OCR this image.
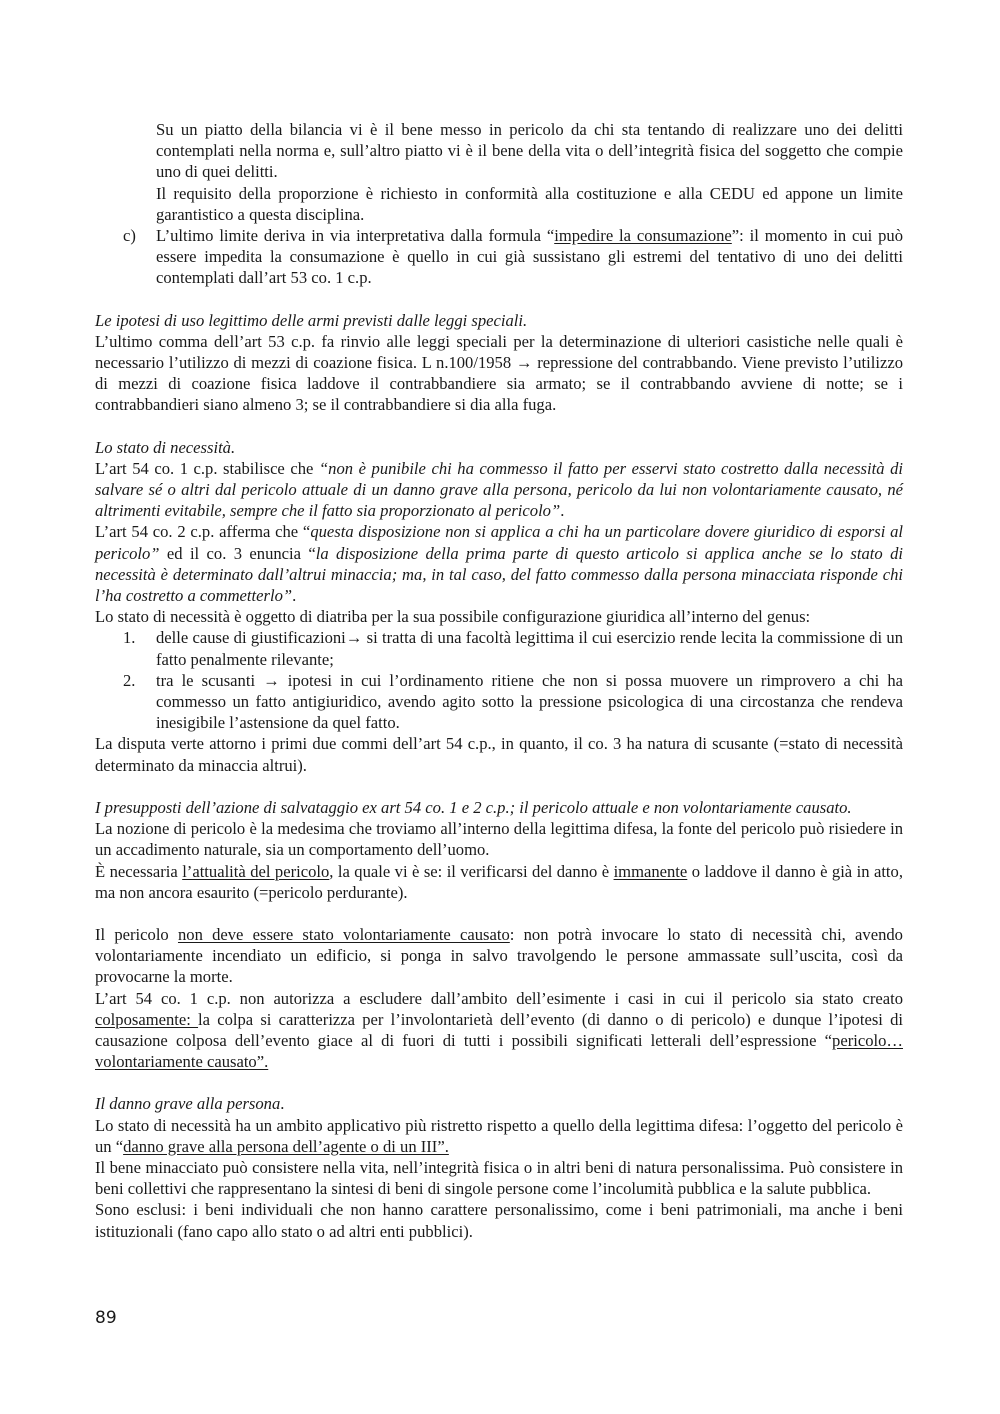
Su un piatto della bilancia vi è il bene messo in pericolo da chi sta tentando di realizzare uno dei delitti contemplati nella norma e, sull’altro piatto vi è il bene della vita o dell’integrità fisica del soggetto che compie uno di quei delitti.

Il requisito della proporzione è richiesto in conformità alla costituzione e alla CEDU ed appone un limite garantistico a questa disciplina.

c) L’ultimo limite deriva in via interpretativa dalla formula “impedire la consumazione”: il momento in cui può essere impedita la consumazione è quello in cui già sussistano gli estremi del tentativo di uno dei delitti contemplati dall’art 53 co. 1 c.p.

Le ipotesi di uso legittimo delle armi previsti dalle leggi speciali.

L’ultimo comma dell’art 53 c.p. fa rinvio alle leggi speciali per la determinazione di ulteriori casistiche nelle quali è necessario l’utilizzo di mezzi di coazione fisica. L n.100/1958 → repressione del contrabbando. Viene previsto l’utilizzo di mezzi di coazione fisica laddove il contrabbandiere sia armato; se il contrabbando avviene di notte; se i contrabbandieri siano almeno 3; se il contrabbandiere si dia alla fuga.

Lo stato di necessità.

L’art 54 co. 1 c.p. stabilisce che “non è punibile chi ha commesso il fatto per esservi stato costretto dalla necessità di salvare sé o altri dal pericolo attuale di un danno grave alla persona, pericolo da lui non volontariamente causato, né altrimenti evitabile, sempre che il fatto sia proporzionato al pericolo”.

L’art 54 co. 2 c.p. afferma che “questa disposizione non si applica a chi ha un particolare dovere giuridico di esporsi al pericolo” ed il co. 3 enuncia “la disposizione della prima parte di questo articolo si applica anche se lo stato di necessità è determinato dall’altrui minaccia; ma, in tal caso, del fatto commesso dalla persona minacciata risponde chi l’ha costretto a commetterlo”.

Lo stato di necessità è oggetto di diatriba per la sua possibile configurazione giuridica all’interno del genus:

1. delle cause di giustificazioni→ si tratta di una facoltà legittima il cui esercizio rende lecita la commissione di un fatto penalmente rilevante;
2. tra le scusanti → ipotesi in cui l’ordinamento ritiene che non si possa muovere un rimprovero a chi ha commesso un fatto antigiuridico, avendo agito sotto la pressione psicologica di una circostanza che rendeva inesigibile l’astensione da quel fatto.

La disputa verte attorno i primi due commi dell’art 54 c.p., in quanto, il co. 3 ha natura di scusante (=stato di necessità determinato da minaccia altrui).

I presupposti dell’azione di salvataggio ex art 54 co. 1 e 2 c.p.; il pericolo attuale e non volontariamente causato.

La nozione di pericolo è la medesima che troviamo all’interno della legittima difesa, la fonte del pericolo può risiedere in un accadimento naturale, sia un comportamento dell’uomo.

È necessaria l’attualità del pericolo, la quale vi è se: il verificarsi del danno è immanente o laddove il danno è già in atto, ma non ancora esaurito (=pericolo perdurante).

Il pericolo non deve essere stato volontariamente causato: non potrà invocare lo stato di necessità chi, avendo volontariamente incendiato un edificio, si ponga in salvo travolgendo le persone ammassate sull’uscita, così da provocarne la morte.

L’art 54 co. 1 c.p. non autorizza a escludere dall’ambito dell’esimente i casi in cui il pericolo sia stato creato colposamente: la colpa si caratterizza per l’involontarietà dell’evento (di danno o di pericolo) e dunque l’ipotesi di causazione colposa dell’evento giace al di fuori di tutti i possibili significati letterali dell’espressione “pericolo…volontariamente causato”.

Il danno grave alla persona.

Lo stato di necessità ha un ambito applicativo più ristretto rispetto a quello della legittima difesa: l’oggetto del pericolo è un “danno grave alla persona dell’agente o di un III”.

Il bene minacciato può consistere nella vita, nell’integrità fisica o in altri beni di natura personalissima. Può consistere in beni collettivi che rappresentano la sintesi di beni di singole persone come l’incolumità pubblica e la salute pubblica.

Sono esclusi: i beni individuali che non hanno carattere personalissimo, come i beni patrimoniali, ma anche i beni istituzionali (fano capo allo stato o ad altri enti pubblici).

89
